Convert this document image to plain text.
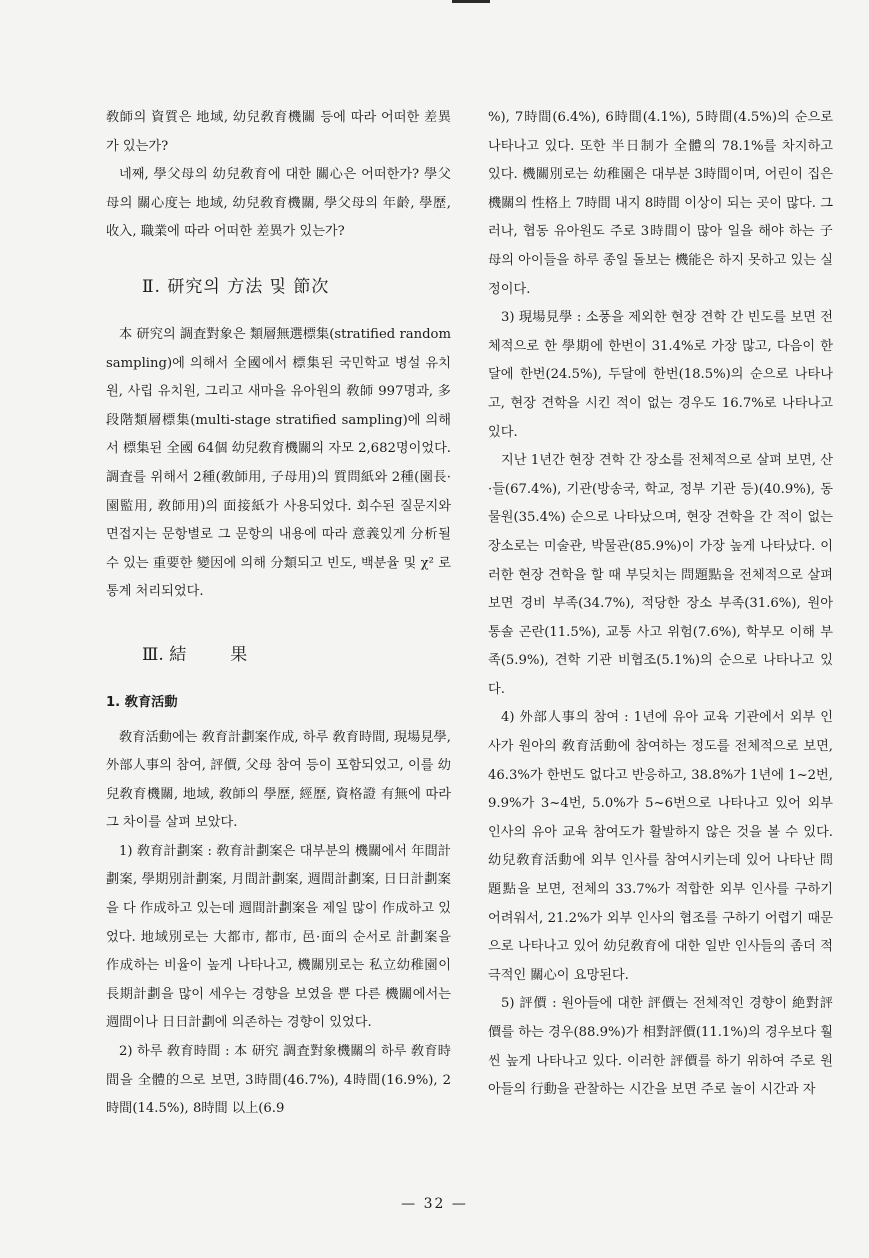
敎師의 資質은 地域, 幼兒敎育機關 등에 따라 어떠한 差異가 있는가?

네째, 學父母의 幼兒敎育에 대한 關心은 어떠한가? 學父母의 關心度는 地域, 幼兒敎育機關, 學父母의 年齡, 學歷, 收入, 職業에 따라 어떠한 差異가 있는가?

Ⅱ. 研究의 方法 및 節次

本 研究의 調査對象은 類層無選標集(stratified random sampling)에 의해서 全國에서 標集된 국민학교 병설 유치원, 사립 유치원, 그리고 새마을 유아원의 敎師 997명과, 多段階類層標集(multi-stage stratified sampling)에 의해서 標集된 全國 64個 幼兒敎育機關의 자모 2,682명이었다. 調査를 위해서 2種(敎師用, 子母用)의 質問紙와 2種(園長·園監用, 敎師用)의 面接紙가 사용되었다. 회수된 질문지와 면접지는 문항별로 그 문항의 내용에 따라 意義있게 分析될 수 있는 重要한 變因에 의해 分類되고 빈도, 백분율 및 χ² 로 통계 처리되었다.

Ⅲ. 結	果
1. 敎育活動

敎育活動에는 敎育計劃案作成, 하루 敎育時間, 現場見學, 外部人事의 참여, 評價, 父母 참여 등이 포함되었고, 이를 幼兒敎育機關, 地域, 敎師의 學歷, 經歷, 資格證 有無에 따라 그 차이를 살펴 보았다.

1) 敎育計劃案 : 敎育計劃案은 대부분의 機關에서 年間計劃案, 學期別計劃案, 月間計劃案, 週間計劃案, 日日計劃案을 다 作成하고 있는데 週間計劃案을 제일 많이 作成하고 있었다. 地域別로는 大都市, 都市, 邑·面의 순서로 計劃案을 作成하는 비율이 높게 나타나고, 機關別로는 私立幼稚園이 長期計劃을 많이 세우는 경향을 보였을 뿐 다른 機關에서는 週間이나 日日計劃에 의존하는 경향이 있었다.

2) 하루 敎育時間 : 本 研究 調査對象機關의 하루 敎育時間을 全體的으로 보면, 3時間(46.7%), 4時間(16.9%), 2時間(14.5%), 8時間 以上(6.9

%), 7時間(6.4%), 6時間(4.1%), 5時間(4.5%)의 순으로 나타나고 있다. 또한 半日制가 全體의 78.1%를 차지하고 있다. 機關別로는 幼稚園은 대부분 3時間이며, 어린이 집은 機關의 性格上 7時間 내지 8時間 이상이 되는 곳이 많다. 그러나, 협동 유아원도 주로 3時間이 많아 일을 해야 하는 子母의 아이들을 하루 종일 돌보는 機能은 하지 못하고 있는 실정이다.

3) 現場見學 : 소풍을 제외한 현장 견학 간 빈도를 보면 전체적으로 한 學期에 한번이 31.4%로 가장 많고, 다음이 한달에 한번(24.5%), 두달에 한번(18.5%)의 순으로 나타나고, 현장 견학을 시킨 적이 없는 경우도 16.7%로 나타나고 있다.

지난 1년간 현장 견학 간 장소를 전체적으로 살펴 보면, 산·들(67.4%), 기관(방송국, 학교, 정부 기관 등)(40.9%), 동물원(35.4%) 순으로 나타났으며, 현장 견학을 간 적이 없는 장소로는 미술관, 박물관(85.9%)이 가장 높게 나타났다. 이러한 현장 견학을 할 때 부딪치는 問題點을 전체적으로 살펴 보면 경비 부족(34.7%), 적당한 장소 부족(31.6%), 원아 통솔 곤란(11.5%), 교통 사고 위험(7.6%), 학부모 이해 부족(5.9%), 견학 기관 비협조(5.1%)의 순으로 나타나고 있다.

4) 外部人事의 참여 : 1년에 유아 교육 기관에서 외부 인사가 원아의 敎育活動에 참여하는 정도를 전체적으로 보면, 46.3%가 한번도 없다고 반응하고, 38.8%가 1년에 1~2번, 9.9%가 3~4번, 5.0%가 5~6번으로 나타나고 있어 외부 인사의 유아 교육 참여도가 활발하지 않은 것을 볼 수 있다. 幼兒敎育活動에 외부 인사를 참여시키는데 있어 나타난 問題點을 보면, 전체의 33.7%가 적합한 외부 인사를 구하기 어려워서, 21.2%가 외부 인사의 협조를 구하기 어렵기 때문으로 나타나고 있어 幼兒敎育에 대한 일반 인사들의 좀더 적극적인 關心이 요망된다.

5) 評價 : 원아들에 대한 評價는 전체적인 경향이 絶對評價를 하는 경우(88.9%)가 相對評價(11.1%)의 경우보다 훨씬 높게 나타나고 있다. 이러한 評價를 하기 위하여 주로 원아들의 行動을 관찰하는 시간을 보면 주로 놀이 시간과 자

— 32 —
